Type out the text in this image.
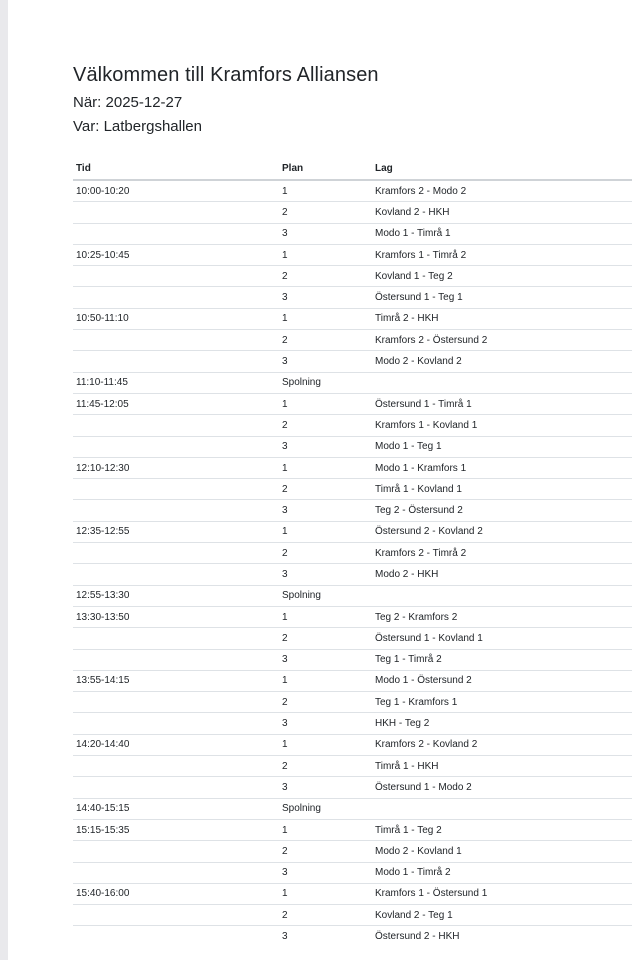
Välkommen till Kramfors Alliansen

När: 2025-12-27

Var: Latbergshallen

Tid	Plan	Lag
10:00-10:20	1	Kramfors 2 - Modo 2
	2	Kovland 2 - HKH
	3	Modo 1 - Timrå 1
10:25-10:45	1	Kramfors 1 - Timrå 2
	2	Kovland 1 - Teg 2
	3	Östersund 1 - Teg 1
10:50-11:10	1	Timrå 2 - HKH
	2	Kramfors 2 - Östersund 2
	3	Modo 2 - Kovland 2
11:10-11:45	Spolning	
11:45-12:05	1	Östersund 1 - Timrå 1
	2	Kramfors 1 - Kovland 1
	3	Modo 1 - Teg 1
12:10-12:30	1	Modo 1 - Kramfors 1
	2	Timrå 1 - Kovland 1
	3	Teg 2 - Östersund 2
12:35-12:55	1	Östersund 2 - Kovland 2
	2	Kramfors 2 - Timrå 2
	3	Modo 2 - HKH
12:55-13:30	Spolning	
13:30-13:50	1	Teg 2 - Kramfors 2
	2	Östersund 1 - Kovland 1
	3	Teg 1 - Timrå 2
13:55-14:15	1	Modo 1 - Östersund 2
	2	Teg 1 - Kramfors 1
	3	HKH - Teg 2
14:20-14:40	1	Kramfors 2 - Kovland 2
	2	Timrå 1 - HKH
	3	Östersund 1 - Modo 2
14:40-15:15	Spolning	
15:15-15:35	1	Timrå 1 - Teg 2
	2	Modo 2 - Kovland 1
	3	Modo 1 - Timrå 2
15:40-16:00	1	Kramfors 1 - Östersund 1
	2	Kovland 2 - Teg 1
	3	Östersund 2 - HKH
